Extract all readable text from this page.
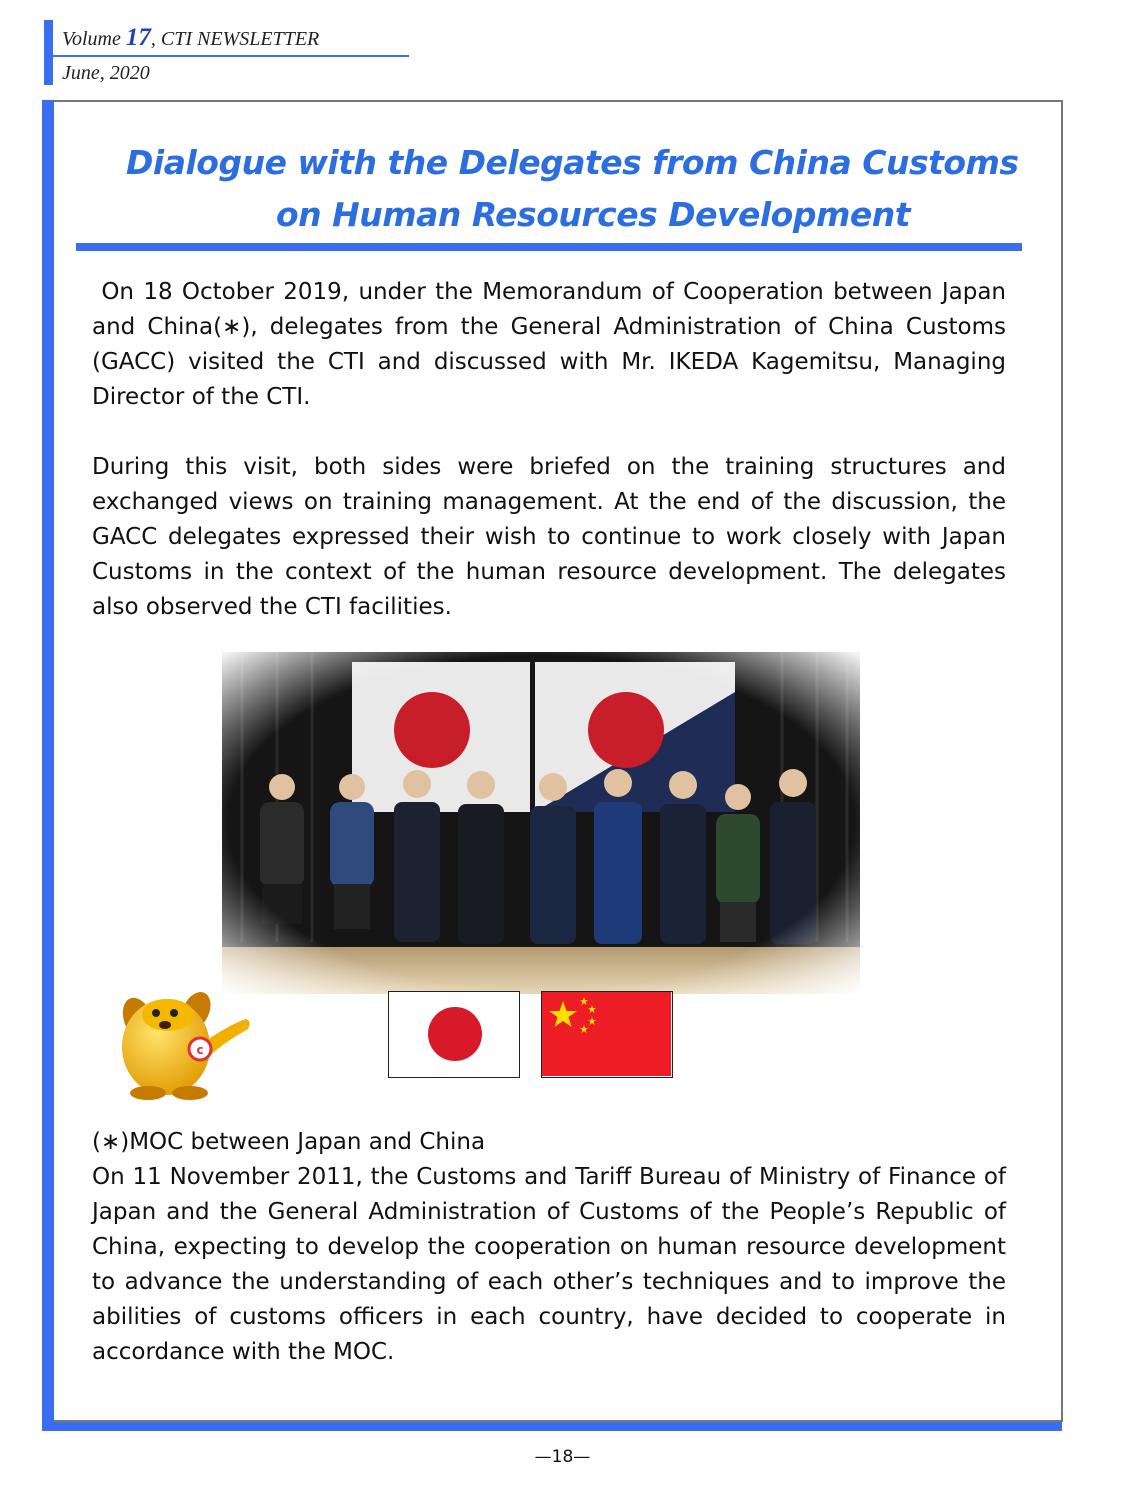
Volume 17, CTI NEWSLETTER
June, 2020
Dialogue with the Delegates from China Customs
on Human Resources Development
On 18 October 2019, under the Memorandum of Cooperation between Japan and China(∗), delegates from the General Administration of China Customs (GACC) visited the CTI and discussed with Mr. IKEDA Kagemitsu, Managing Director of the CTI.
During this visit, both sides were briefed on the training structures and exchanged views on training management. At the end of the discussion, the GACC delegates expressed their wish to continue to work closely with Japan Customs in the context of the human resource development. The delegates also observed the CTI facilities.
c
(∗)MOC between Japan and China
On 11 November 2011, the Customs and Tariff Bureau of Ministry of Finance of Japan and the General Administration of Customs of the People’s Republic of China, expecting to develop the cooperation on human resource development to advance the understanding of each other’s techniques and to improve the abilities of customs officers in each country, have decided to cooperate in accordance with the MOC.
—18—
